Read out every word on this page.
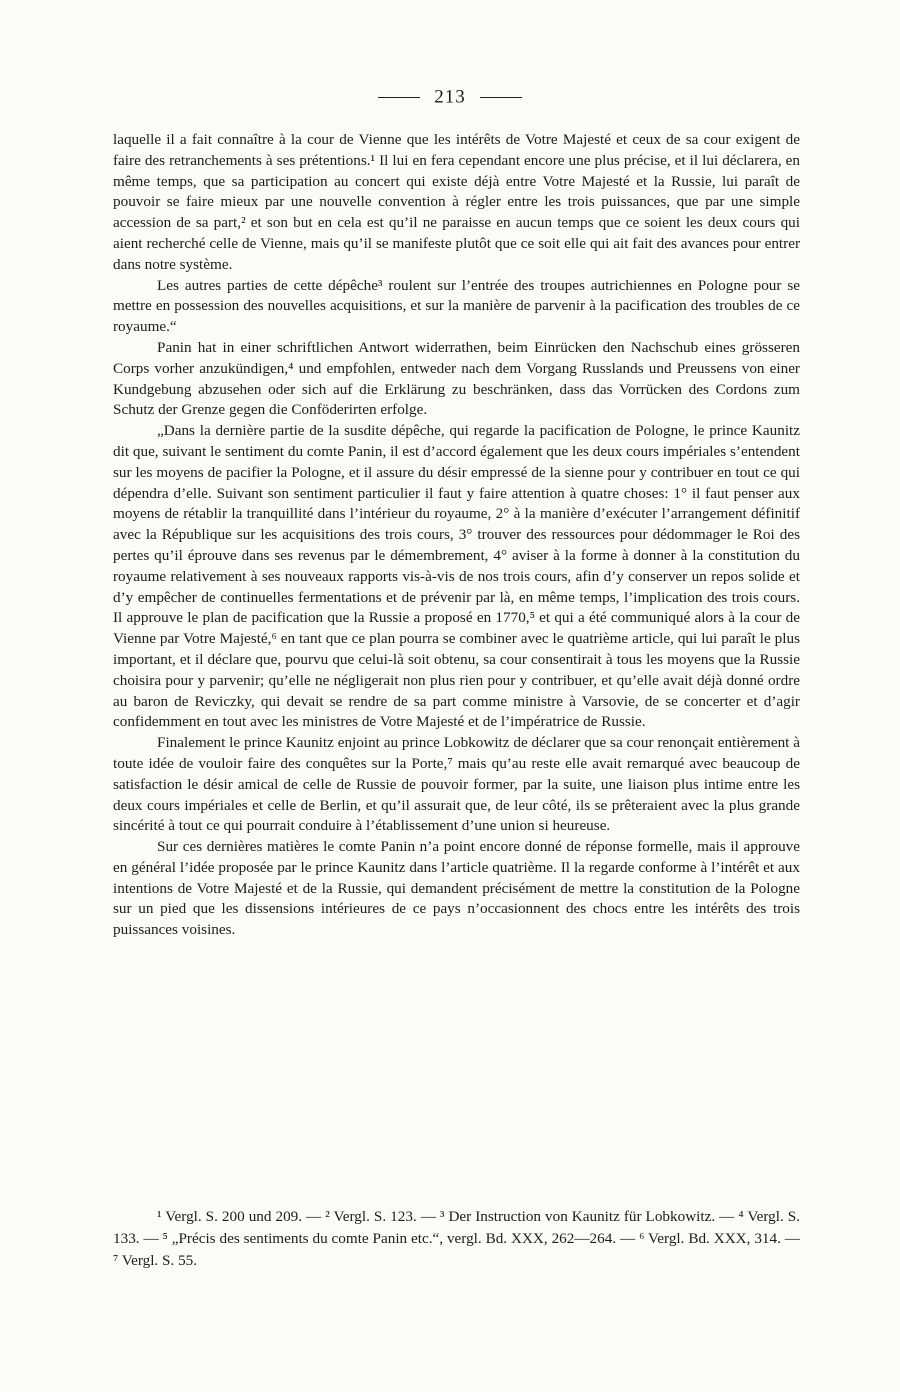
213

laquelle il a fait connaître à la cour de Vienne que les intérêts de Votre Majesté et ceux de sa cour exigent de faire des retranchements à ses prétentions.¹ Il lui en fera cependant encore une plus précise, et il lui déclarera, en même temps, que sa participation au concert qui existe déjà entre Votre Majesté et la Russie, lui paraît de pouvoir se faire mieux par une nouvelle convention à régler entre les trois puissances, que par une simple accession de sa part,² et son but en cela est qu’il ne paraisse en aucun temps que ce soient les deux cours qui aient recherché celle de Vienne, mais qu’il se manifeste plutôt que ce soit elle qui ait fait des avances pour entrer dans notre système.

Les autres parties de cette dépêche³ roulent sur l’entrée des troupes autrichiennes en Pologne pour se mettre en possession des nouvelles acquisitions, et sur la manière de parvenir à la pacification des troubles de ce royaume.“

Panin hat in einer schriftlichen Antwort widerrathen, beim Einrücken den Nachschub eines grösseren Corps vorher anzukündigen,⁴ und empfohlen, entweder nach dem Vorgang Russlands und Preussens von einer Kundgebung abzusehen oder sich auf die Erklärung zu beschränken, dass das Vorrücken des Cordons zum Schutz der Grenze gegen die Conföderirten erfolge.

„Dans la dernière partie de la susdite dépêche, qui regarde la pacification de Pologne, le prince Kaunitz dit que, suivant le sentiment du comte Panin, il est d’accord également que les deux cours impériales s’entendent sur les moyens de pacifier la Pologne, et il assure du désir empressé de la sienne pour y contribuer en tout ce qui dépendra d’elle. Suivant son sentiment particulier il faut y faire attention à quatre choses: 1° il faut penser aux moyens de rétablir la tranquillité dans l’intérieur du royaume, 2° à la manière d’exécuter l’arrangement définitif avec la République sur les acquisitions des trois cours, 3° trouver des ressources pour dédommager le Roi des pertes qu’il éprouve dans ses revenus par le démembrement, 4° aviser à la forme à donner à la constitution du royaume relativement à ses nouveaux rapports vis-à-vis de nos trois cours, afin d’y conserver un repos solide et d’y empêcher de continuelles fermentations et de prévenir par là, en même temps, l’implication des trois cours. Il approuve le plan de pacification que la Russie a proposé en 1770,⁵ et qui a été communiqué alors à la cour de Vienne par Votre Majesté,⁶ en tant que ce plan pourra se combiner avec le quatrième article, qui lui paraît le plus important, et il déclare que, pourvu que celui-là soit obtenu, sa cour consentirait à tous les moyens que la Russie choisira pour y parvenir; qu’elle ne négligerait non plus rien pour y contribuer, et qu’elle avait déjà donné ordre au baron de Reviczky, qui devait se rendre de sa part comme ministre à Varsovie, de se concerter et d’agir confidemment en tout avec les ministres de Votre Majesté et de l’impératrice de Russie.

Finalement le prince Kaunitz enjoint au prince Lobkowitz de déclarer que sa cour renonçait entièrement à toute idée de vouloir faire des conquêtes sur la Porte,⁷ mais qu’au reste elle avait remarqué avec beaucoup de satisfaction le désir amical de celle de Russie de pouvoir former, par la suite, une liaison plus intime entre les deux cours impériales et celle de Berlin, et qu’il assurait que, de leur côté, ils se prêteraient avec la plus grande sincérité à tout ce qui pourrait conduire à l’établissement d’une union si heureuse.

Sur ces dernières matières le comte Panin n’a point encore donné de réponse formelle, mais il approuve en général l’idée proposée par le prince Kaunitz dans l’article quatrième. Il la regarde conforme à l’intérêt et aux intentions de Votre Majesté et de la Russie, qui demandent précisément de mettre la constitution de la Pologne sur un pied que les dissensions intérieures de ce pays n’occasionnent des chocs entre les intérêts des trois puissances voisines.

¹ Vergl. S. 200 und 209. — ² Vergl. S. 123. — ³ Der Instruction von Kaunitz für Lobkowitz. — ⁴ Vergl. S. 133. — ⁵ „Précis des sentiments du comte Panin etc.“, vergl. Bd. XXX, 262—264. — ⁶ Vergl. Bd. XXX, 314. — ⁷ Vergl. S. 55.
